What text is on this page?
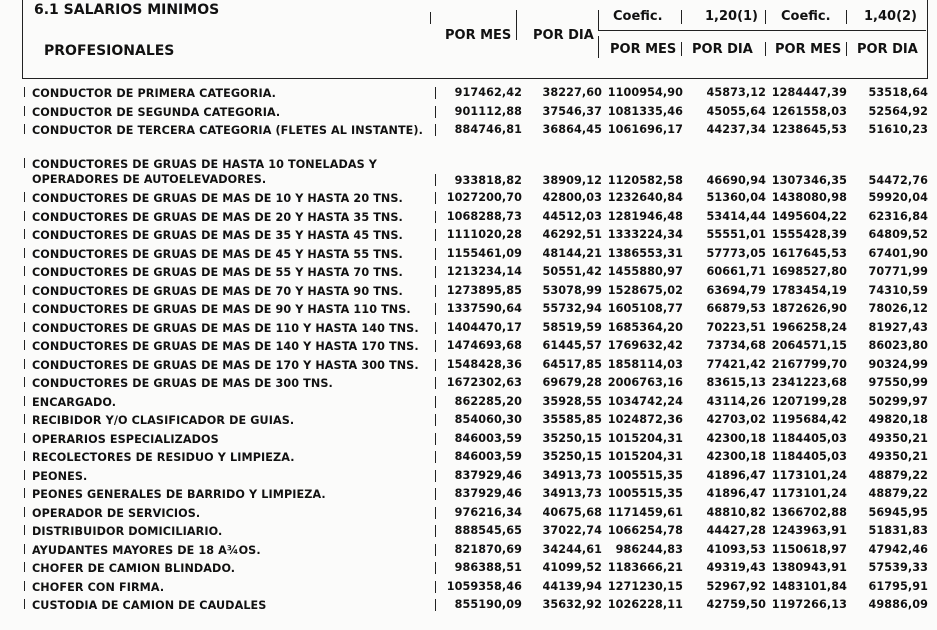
6.1 SALARIOS MINIMOS
PROFESIONALES
POR MES POR DIA
Coefic.	1,20(1) Coefic.	1,40(2)
POR MES POR DIA POR MES POR DIA
CONDUCTOR DE PRIMERA CATEGORIA.	917462,42	38227,60 1100954,90	45873,12 1284447,39	53518,64
CONDUCTOR DE SEGUNDA CATEGORIA.	901112,88	37546,37 1081335,46	45055,64 1261558,03	52564,92
CONDUCTOR DE TERCERA CATEGORIA (FLETES AL INSTANTE).	884746,81	36864,45 1061696,17	44237,34 1238645,53	51610,23
CONDUCTORES DE GRUAS DE HASTA 10 TONELADAS Y OPERADORES DE AUTOELEVADORES.	933818,82	38909,12 1120582,58	46690,94 1307346,35	54472,76
CONDUCTORES DE GRUAS DE MAS DE 10 Y HASTA 20 TNS.	1027200,70	42800,03 1232640,84	51360,04 1438080,98	59920,04
CONDUCTORES DE GRUAS DE MAS DE 20 Y HASTA 35 TNS.	1068288,73	44512,03 1281946,48	53414,44 1495604,22	62316,84
CONDUCTORES DE GRUAS DE MAS DE 35 Y HASTA 45 TNS.	1111020,28	46292,51 1333224,34	55551,01 1555428,39	64809,52
CONDUCTORES DE GRUAS DE MAS DE 45 Y HASTA 55 TNS.	1155461,09	48144,21 1386553,31	57773,05 1617645,53	67401,90
CONDUCTORES DE GRUAS DE MAS DE 55 Y HASTA 70 TNS.	1213234,14	50551,42 1455880,97	60661,71 1698527,80	70771,99
CONDUCTORES DE GRUAS DE MAS DE 70 Y HASTA 90 TNS.	1273895,85	53078,99 1528675,02	63694,79 1783454,19	74310,59
CONDUCTORES DE GRUAS DE MAS DE 90 Y HASTA 110 TNS.	1337590,64	55732,94 1605108,77	66879,53 1872626,90	78026,12
CONDUCTORES DE GRUAS DE MAS DE 110 Y HASTA 140 TNS.	1404470,17	58519,59 1685364,20	70223,51 1966258,24	81927,43
CONDUCTORES DE GRUAS DE MAS DE 140 Y HASTA 170 TNS.	1474693,68	61445,57 1769632,42	73734,68 2064571,15	86023,80
CONDUCTORES DE GRUAS DE MAS DE 170 Y HASTA 300 TNS.	1548428,36	64517,85 1858114,03	77421,42 2167799,70	90324,99
CONDUCTORES DE GRUAS DE MAS DE 300 TNS.	1672302,63	69679,28 2006763,16	83615,13 2341223,68	97550,99
ENCARGADO.	862285,20	35928,55 1034742,24	43114,26 1207199,28	50299,97
RECIBIDOR Y/O CLASIFICADOR DE GUIAS.	854060,30	35585,85 1024872,36	42703,02 1195684,42	49820,18
OPERARIOS ESPECIALIZADOS	846003,59	35250,15 1015204,31	42300,18 1184405,03	49350,21
RECOLECTORES DE RESIDUO Y LIMPIEZA.	846003,59	35250,15 1015204,31	42300,18 1184405,03	49350,21
PEONES.	837929,46	34913,73 1005515,35	41896,47 1173101,24	48879,22
PEONES GENERALES DE BARRIDO Y LIMPIEZA.	837929,46	34913,73 1005515,35	41896,47 1173101,24	48879,22
OPERADOR DE SERVICIOS.	976216,34	40675,68 1171459,61	48810,82 1366702,88	56945,95
DISTRIBUIDOR DOMICILIARIO.	888545,65	37022,74 1066254,78	44427,28 1243963,91	51831,83
AYUDANTES MAYORES DE 18 A¾OS.	821870,69	34244,61	986244,83	41093,53 1150618,97	47942,46
CHOFER DE CAMION BLINDADO.	986388,51	41099,52 1183666,21	49319,43 1380943,91	57539,33
CHOFER CON FIRMA.	1059358,46	44139,94 1271230,15	52967,92 1483101,84	61795,91
CUSTODIA DE CAMION DE CAUDALES	855190,09	35632,92 1026228,11	42759,50 1197266,13	49886,09
